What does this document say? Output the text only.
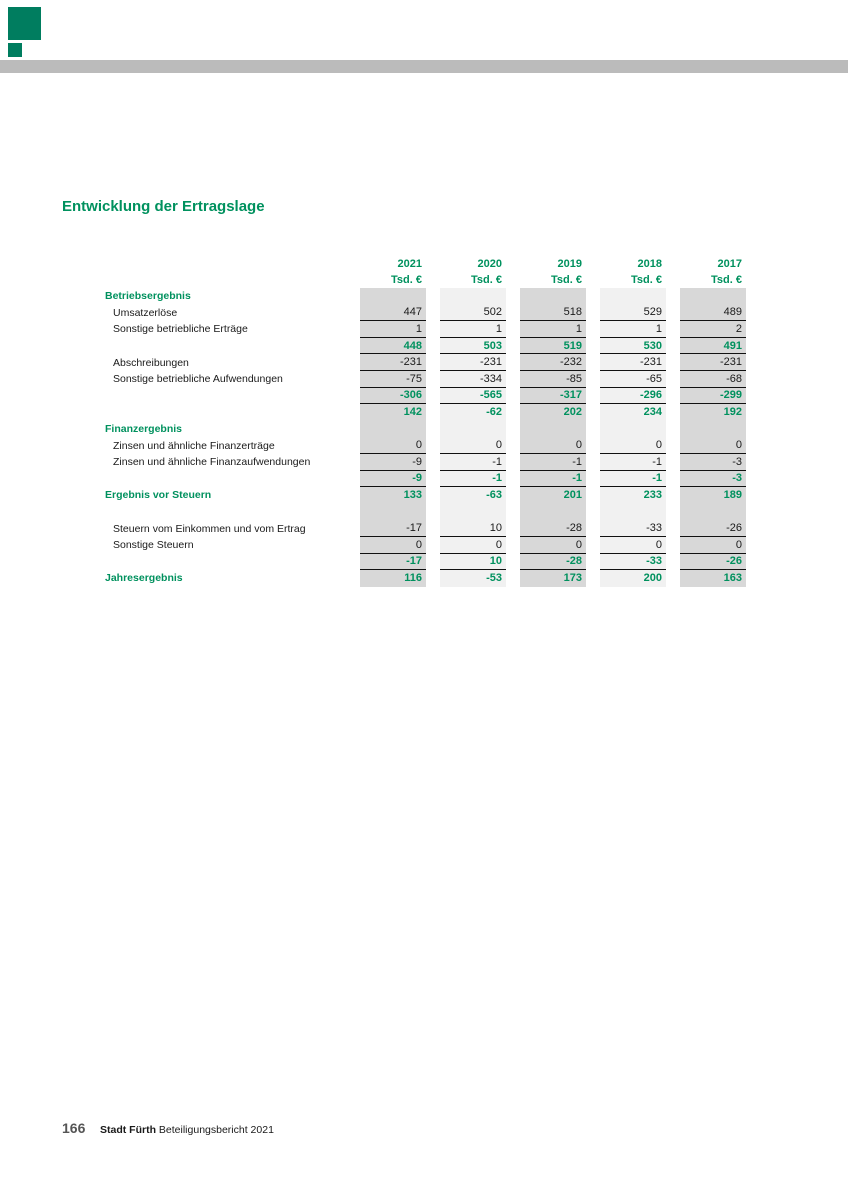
Entwicklung der Ertragslage
2021	2020	2019	2018	2017
Tsd. €	Tsd. €	Tsd. €	Tsd. €	Tsd. €
Betriebsergebnis
Umsatzerlöse	447	502	518	529	489
Sonstige betriebliche Erträge	1	1	1	1	2
448	503	519	530	491
Abschreibungen	-231	-231	-232	-231	-231
Sonstige betriebliche Aufwendungen	-75	-334	-85	-65	-68
-306	-565	-317	-296	-299
142	-62	202	234	192
Finanzergebnis
Zinsen und ähnliche Finanzerträge	0	0	0	0	0
Zinsen und ähnliche Finanzaufwendungen	-9	-1	-1	-1	-3
-9	-1	-1	-1	-3
Ergebnis vor Steuern	133	-63	201	233	189
Steuern vom Einkommen und vom Ertrag	-17	10	-28	-33	-26
Sonstige Steuern	0	0	0	0	0
-17	10	-28	-33	-26
Jahresergebnis	116	-53	173	200	163
166	Stadt Fürth Beteiligungsbericht 2021
